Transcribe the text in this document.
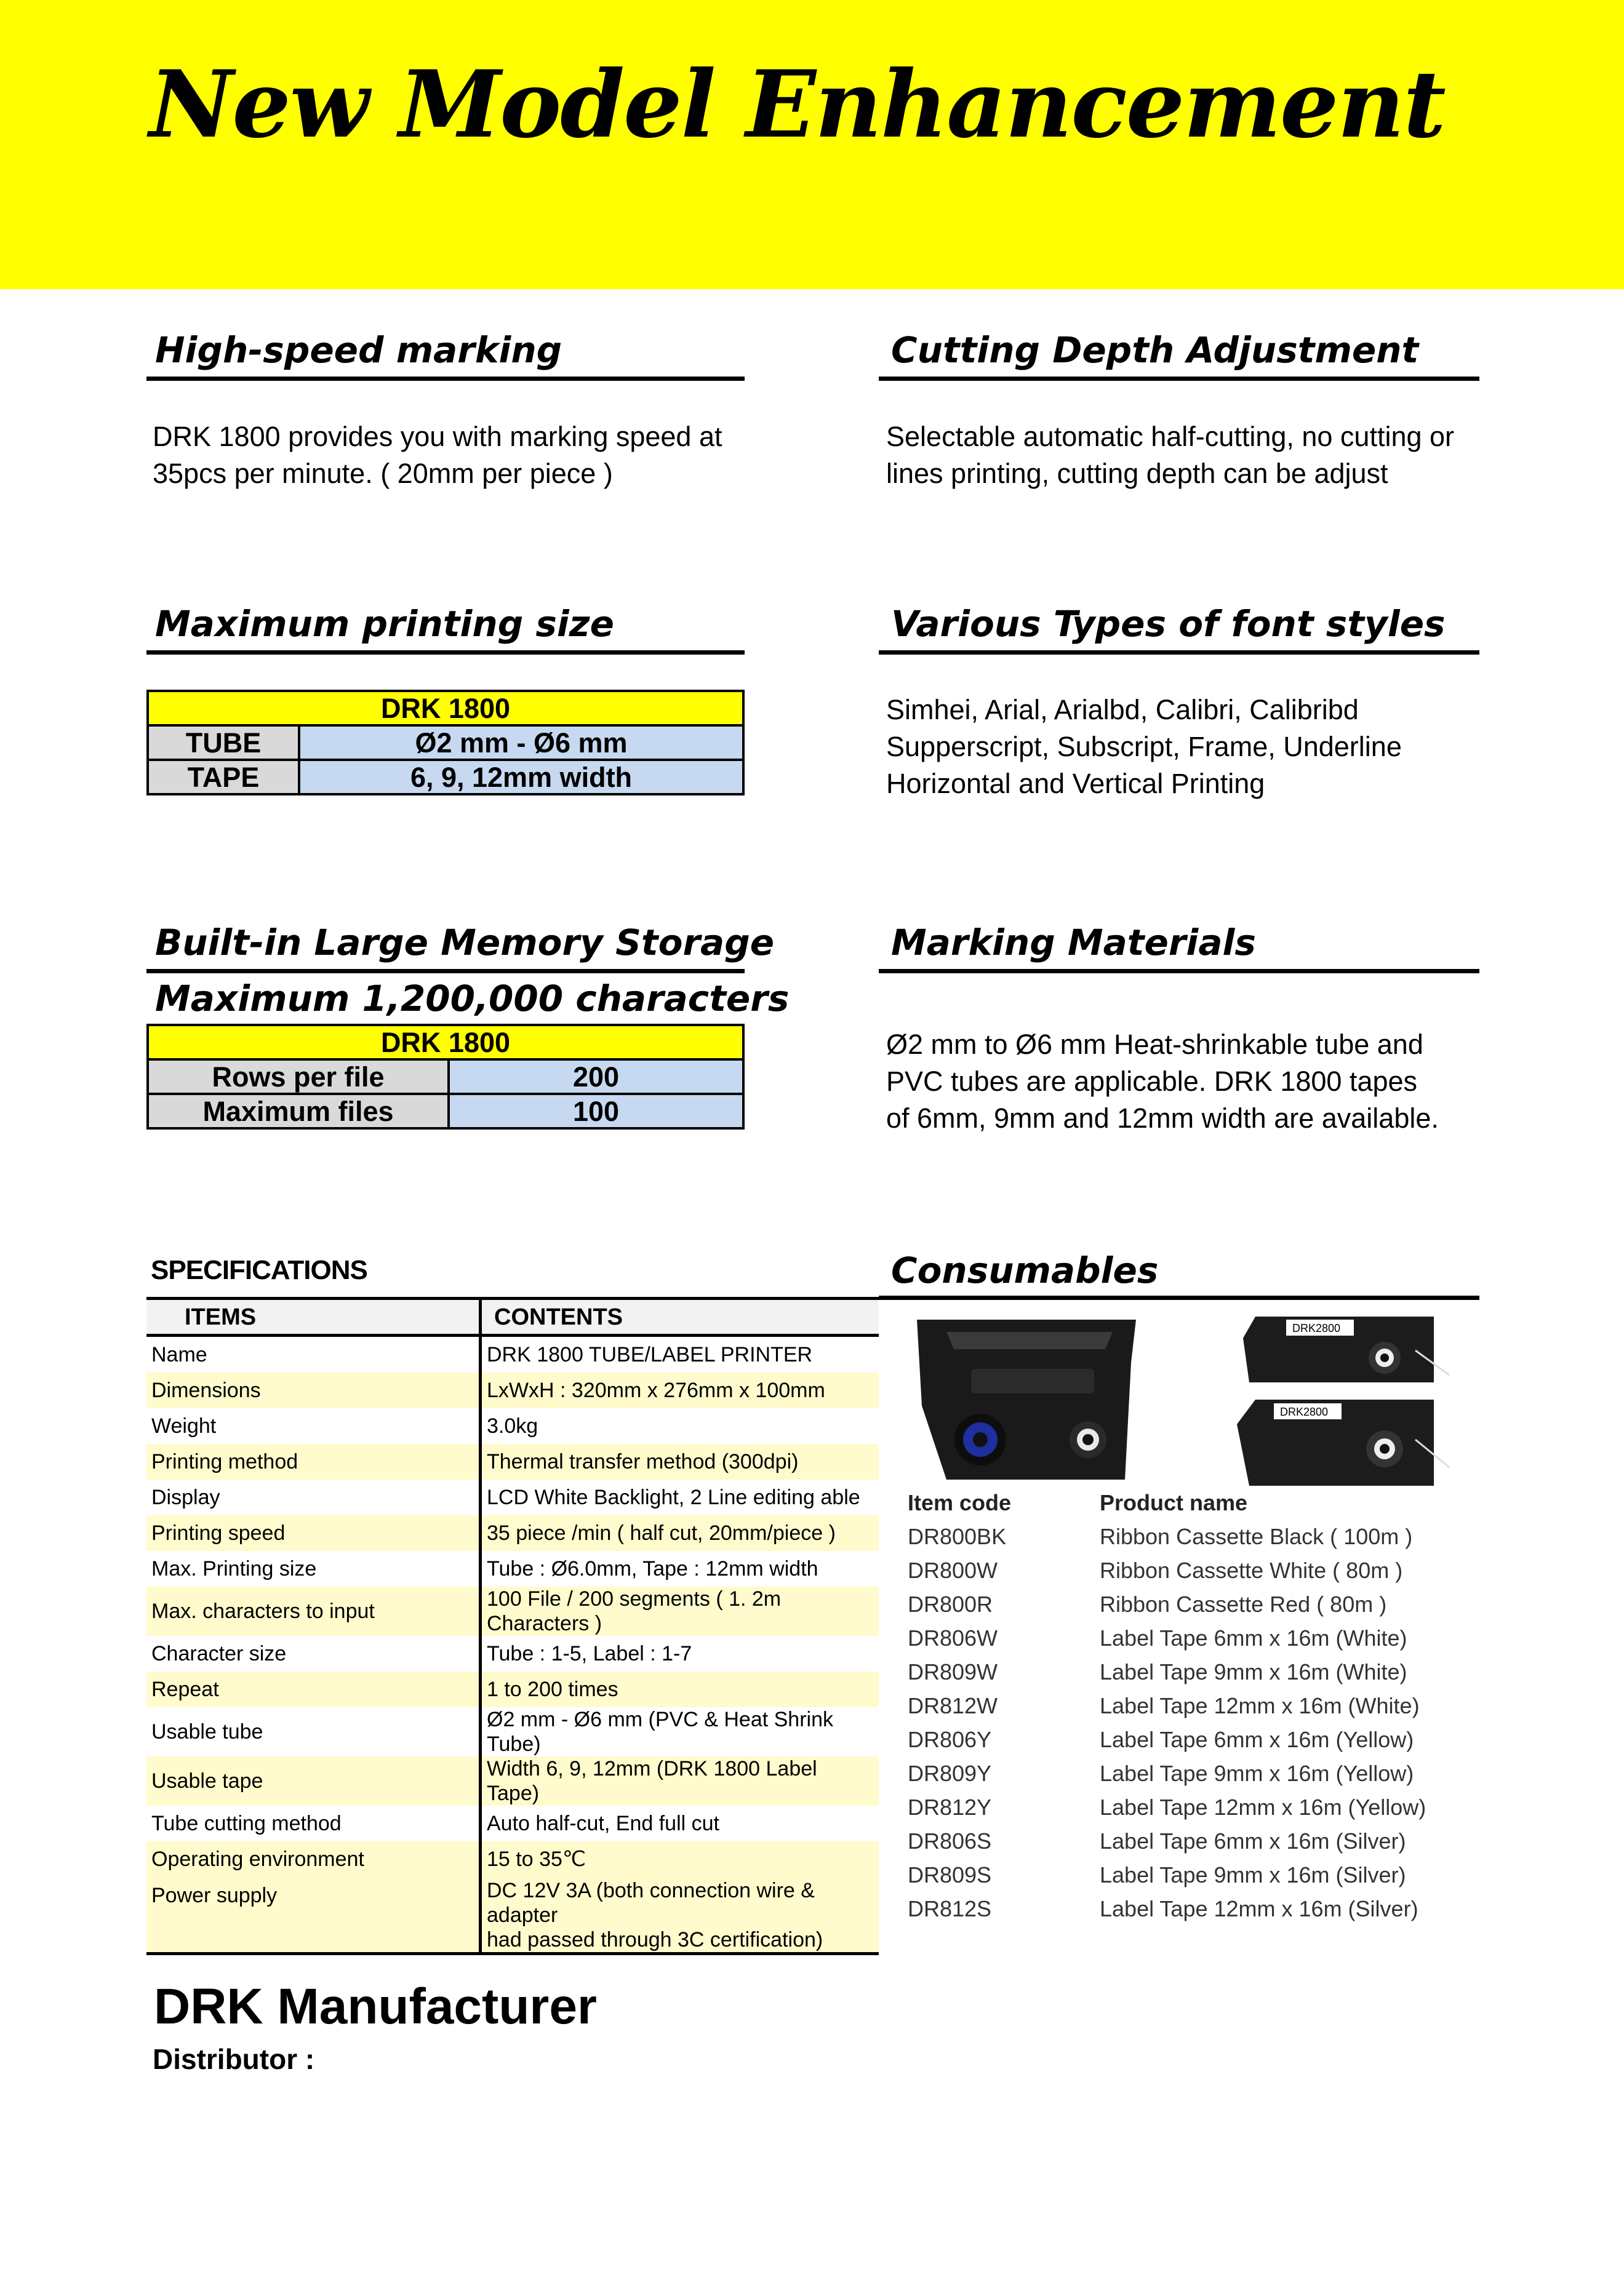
New Model Enhancement
High-speed marking
DRK 1800 provides you with marking speed at
35pcs per minute. ( 20mm per piece )
Cutting Depth Adjustment
Selectable automatic half-cutting, no cutting or
lines printing, cutting depth can be adjust
Maximum printing size
DRK 1800	
TUBE	Ø2 mm - Ø6 mm
TAPE	6, 9, 12mm width
Various Types of font styles
Simhei, Arial, Arialbd, Calibri, Calibribd
Supperscript, Subscript, Frame, Underline
Horizontal and Vertical Printing
Built-in Large Memory Storage
Maximum 1,200,000 characters
DRK 1800	
Rows per file	200
Maximum files	100
Marking Materials
Ø2 mm to Ø6 mm Heat-shrinkable tube and
PVC tubes are applicable. DRK 1800 tapes
of 6mm, 9mm and 12mm width are available.
SPECIFICATIONS
ITEMS	CONTENTS
Name	DRK 1800 TUBE/LABEL PRINTER
Dimensions	LxWxH : 320mm x 276mm x 100mm
Weight	3.0kg
Printing method	Thermal transfer method (300dpi)
Display	LCD White Backlight, 2 Line editing able
Printing speed	35 piece /min ( half cut, 20mm/piece )
Max. Printing size	Tube : Ø6.0mm, Tape : 12mm width
Max. characters to input	100 File / 200 segments ( 1. 2m Characters )
Character size	Tube : 1-5, Label : 1-7
Repeat	1 to 200 times
Usable tube	Ø2 mm - Ø6 mm (PVC & Heat Shrink Tube)
Usable tape	Width 6, 9, 12mm (DRK 1800 Label Tape)
Tube cutting method	Auto half-cut, End full cut
Operating environment	15 to 35℃
Power supply	DC 12V 3A (both connection wire & adapter
had passed through 3C certification)
Consumables
DRK2800
DRK2800
Item code	Product name
DR800BK	Ribbon Cassette Black ( 100m )
DR800W	Ribbon Cassette White ( 80m )
DR800R	Ribbon Cassette Red ( 80m )
DR806W	Label Tape 6mm x 16m (White)
DR809W	Label Tape 9mm x 16m (White)
DR812W	Label Tape 12mm x 16m (White)
DR806Y	Label Tape 6mm x 16m (Yellow)
DR809Y	Label Tape 9mm x 16m (Yellow)
DR812Y	Label Tape 12mm x 16m (Yellow)
DR806S	Label Tape 6mm x 16m (Silver)
DR809S	Label Tape 9mm x 16m (Silver)
DR812S	Label Tape 12mm x 16m (Silver)
DRK Manufacturer
Distributor :
